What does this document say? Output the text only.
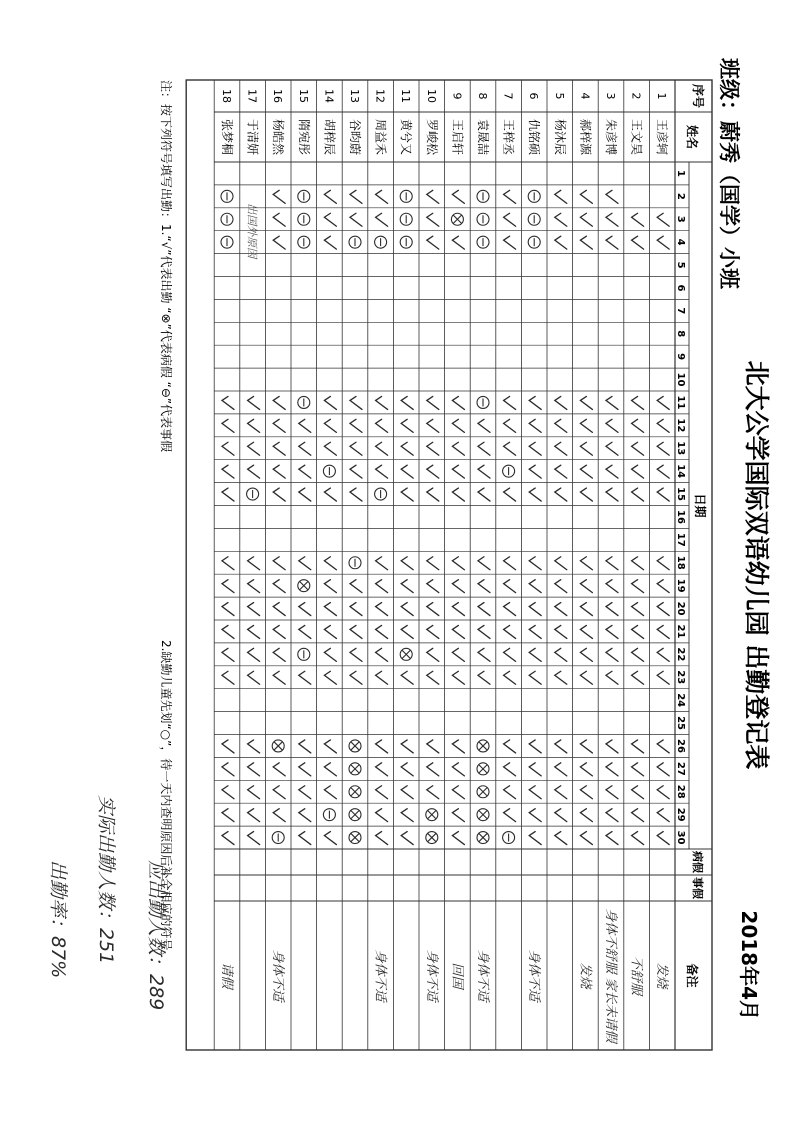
北大公学国际双语幼儿园 出勤登记表
班级：蔚秀（国学）小班
2018年4月
序号
姓名
日期
病假
事假
备注
1
2
3
4
5
6
7
8
9
10
11
12
13
14
15
16
17
18
19
20
21
22
23
24
25
26
27
28
29
30
1
王彦轲
发烧
2
王文昊
不舒服
3
朱彦博
身体不舒服 家长未请假
4
郝梓源
发烧
5
杨沐辰
6
仇铭硕
身体不适
7
王梓丞
8
袁晟喆
身体不适
9
王启轩
回国
10
罗峻松
身体不适
11
黄兮又
12
周益禾
身体不适
13
谷昀蔚
14
胡梓辰
15
隋宛彤
16
杨皓然
身体不适
17
于清妍
18
张梦桐
请假
出国外原因
注：按下列符号填写出勤：1.“√”代表出勤 “⊗”代表病假 “⊖”代表事假
2.缺勤儿童先划“○”，待一天内查明原因后补全相应的符号。
应出勤人数：289
实际出勤人数：251
出勤率：87%
